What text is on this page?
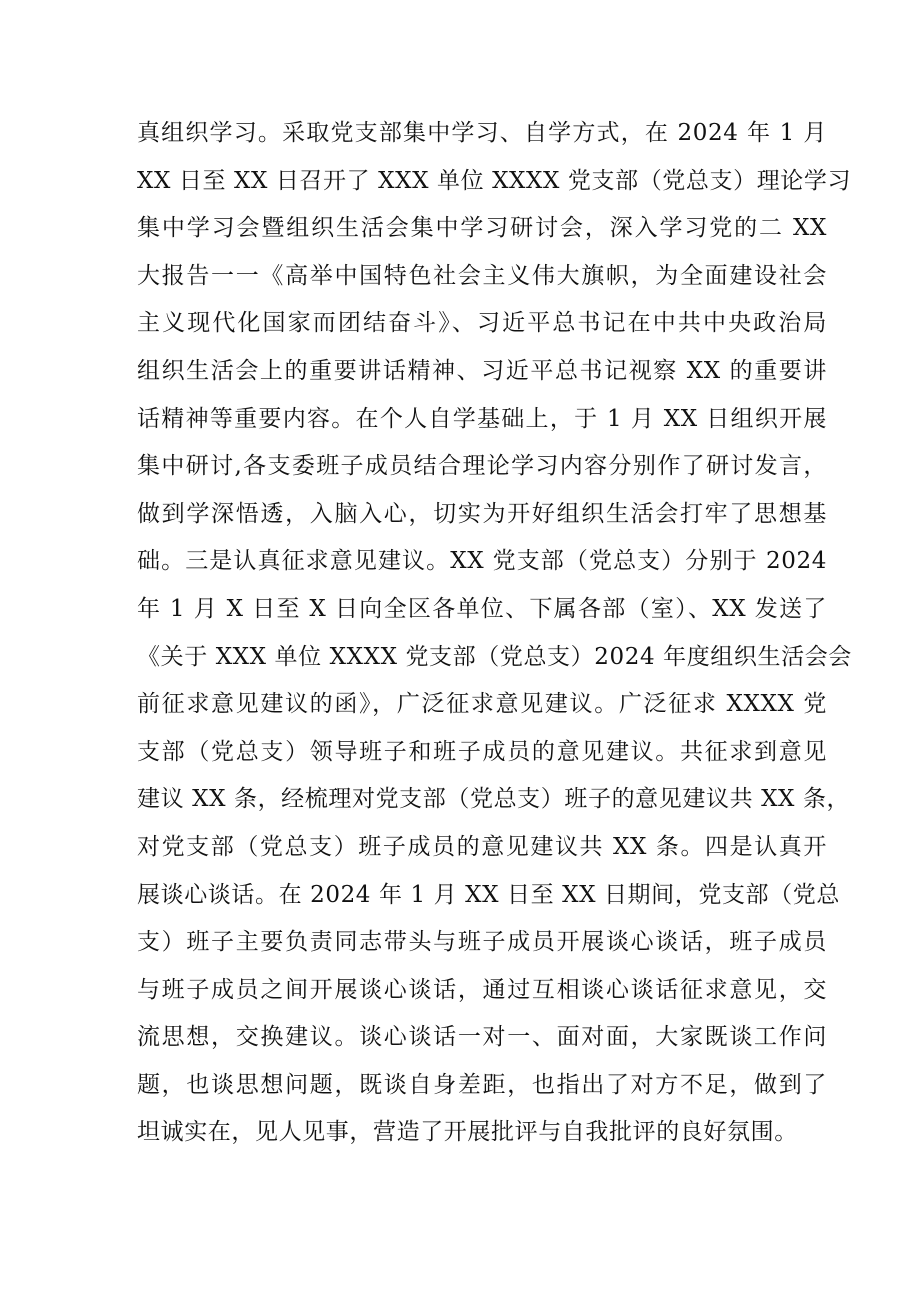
真组织学习。采取党支部集中学习、自学方式，在 2024 年 1 月
XX 日至 XX 日召开了 XXX 单位 XXXX 党支部（党总支）理论学习
集中学习会暨组织生活会集中学习研讨会，深入学习党的二 XX
大报告一一《高举中国特色社会主义伟大旗帜，为全面建设社会
主义现代化国家而团结奋斗》、习近平总书记在中共中央政治局
组织生活会上的重要讲话精神、习近平总书记视察 XX 的重要讲
话精神等重要内容。在个人自学基础上，于 1 月 XX 日组织开展
集中研讨,各支委班子成员结合理论学习内容分别作了研讨发言，
做到学深悟透，入脑入心，切实为开好组织生活会打牢了思想基
础。三是认真征求意见建议。XX 党支部（党总支）分别于 2024
年 1 月 X 日至 X 日向全区各单位、下属各部（室）、XX 发送了
《关于 XXX 单位 XXXX 党支部（党总支）2024 年度组织生活会会
前征求意见建议的函》，广泛征求意见建议。广泛征求 XXXX 党
支部（党总支）领导班子和班子成员的意见建议。共征求到意见
建议 XX 条，经梳理对党支部（党总支）班子的意见建议共 XX 条，
对党支部（党总支）班子成员的意见建议共 XX 条。四是认真开
展谈心谈话。在 2024 年 1 月 XX 日至 XX 日期间，党支部（党总
支）班子主要负责同志带头与班子成员开展谈心谈话，班子成员
与班子成员之间开展谈心谈话，通过互相谈心谈话征求意见，交
流思想，交换建议。谈心谈话一对一、面对面，大家既谈工作问
题，也谈思想问题，既谈自身差距，也指出了对方不足，做到了
坦诚实在，见人见事，营造了开展批评与自我批评的良好氛围。
